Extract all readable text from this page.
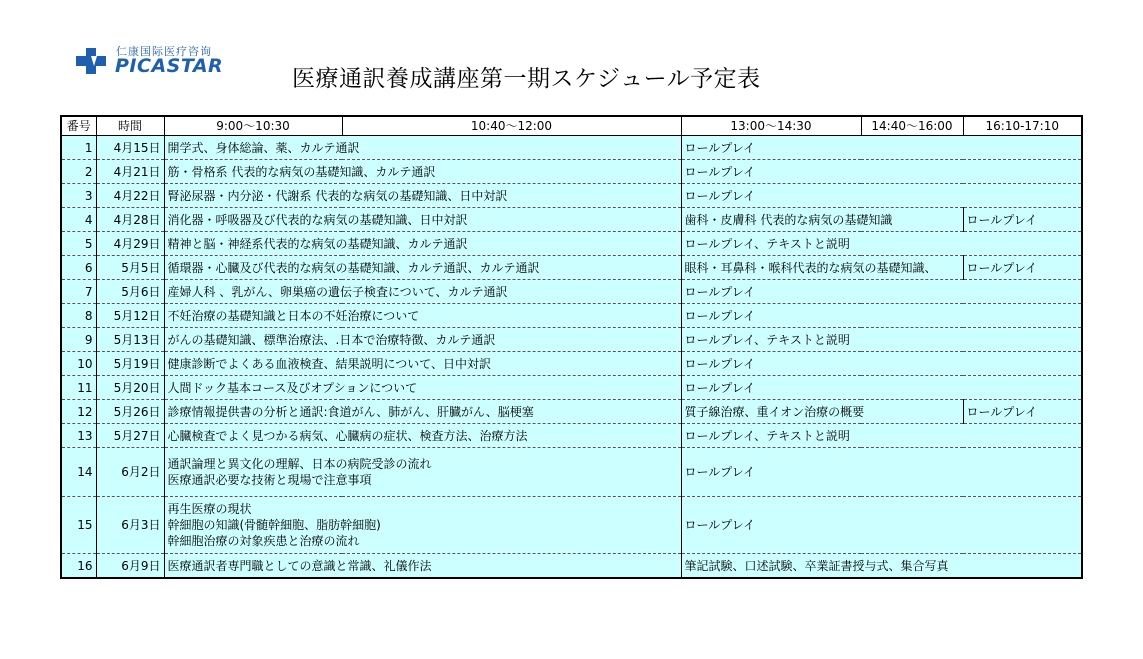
仁康国际医疗咨询
PICASTAR	医療通訳養成講座第一期スケジュール予定表
番号	時間	9:00〜10:30	10:40〜12:00	13:00〜14:30	14:40〜16:00	16:10-17:10
1	4月15日	開学式、身体総論、薬、カルテ通訳		ロールプレイ		
2	4月21日	筋・骨格系 代表的な病気の基礎知識、カルテ通訳		ロールプレイ		
3	4月22日	腎泌尿器・内分泌・代謝系 代表的な病気の基礎知識、日中対訳		ロールプレイ		
4	4月28日	消化器・呼吸器及び代表的な病気の基礎知識、日中対訳		歯科・皮膚科 代表的な病気の基礎知識		ロールプレイ
5	4月29日	精神と脳・神経系代表的な病気の基礎知識、カルテ通訳		ロールプレイ、テキストと説明		
6	5月5日	循環器・心臓及び代表的な病気の基礎知識、カルテ通訳、カルテ通訳		眼科・耳鼻科・喉科代表的な病気の基礎知識、		ロールプレイ
7	5月6日	産婦人科 、乳がん、卵巣癌の遺伝子検査について、カルテ通訳		ロールプレイ		
8	5月12日	不妊治療の基礎知識と日本の不妊治療について		ロールプレイ		
9	5月13日	がんの基礎知識、標準治療法、.日本で治療特徴、カルテ通訳		ロールプレイ、テキストと説明		
10	5月19日	健康診断でよくある血液検査、結果説明について、日中対訳		ロールプレイ		
11	5月20日	人間ドック基本コース及びオプションについて		ロールプレイ		
12	5月26日	診療情報提供書の分析と通訳:食道がん、肺がん、肝臓がん、脳梗塞		質子線治療、重イオン治療の概要		ロールプレイ
13	5月27日	心臓検査でよく見つかる病気、心臓病の症状、検査方法、治療方法		ロールプレイ、テキストと説明		
14	6月2日	通訳論理と異文化の理解、日本の病院受診の流れ
医療通訳必要な技術と現場で注意事項		ロールプレイ		
15	6月3日	再生医療の現状
幹細胞の知識(骨髄幹細胞、脂肪幹細胞)
幹細胞治療の対象疾患と治療の流れ		ロールプレイ		
16	6月9日	医療通訳者専門職としての意識と常識、礼儀作法		筆記試験、口述試験、卒業証書授与式、集合写真		
